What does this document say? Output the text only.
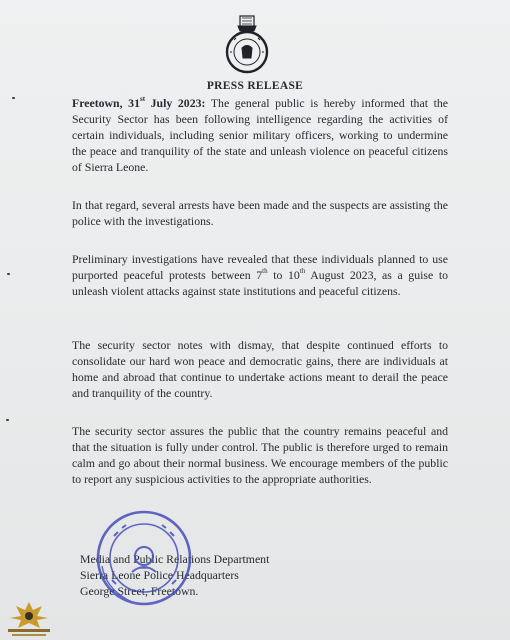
PRESS RELEASE

Freetown, 31st July 2023: The general public is hereby informed that the Security Sector has been following intelligence regarding the activities of certain individuals, including senior military officers, working to undermine the peace and tranquility of the state and unleash violence on peaceful citizens of Sierra Leone.

In that regard, several arrests have been made and the suspects are assisting the police with the investigations.

Preliminary investigations have revealed that these individuals planned to use purported peaceful protests between 7th to 10th August 2023, as a guise to unleash violent attacks against state institutions and peaceful citizens.

The security sector notes with dismay, that despite continued efforts to consolidate our hard won peace and democratic gains, there are individuals at home and abroad that continue to undertake actions meant to derail the peace and tranquility of the country.

The security sector assures the public that the country remains peaceful and that the situation is fully under control. The public is therefore urged to remain calm and go about their normal business. We encourage members of the public to report any suspicious activities to the appropriate authorities.

Media and Public Relations Department
Sierra Leone Police Headquarters
George Street, Freetown.
